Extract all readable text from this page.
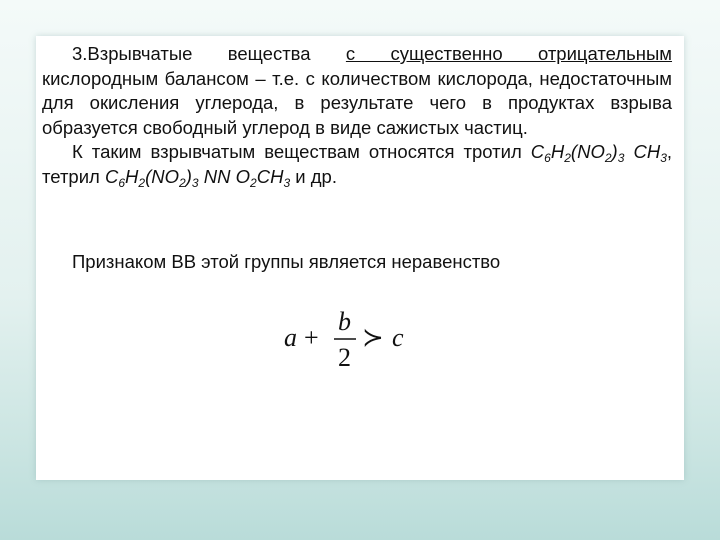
3.Взрывчатые вещества с существенно отрицательным кислородным балансом – т.е. с количеством кислорода, недостаточным для окисления углерода, в результате чего в продуктах взрыва образуется свободный углерод в виде сажистых частиц.

К таким взрывчатым веществам относятся тротил $C_6H_2(NO_2)_3$ $CH_3$, тетрил $C_6H_2(NO_2)_3$ NN $O_2CH_3$ и др.

Признаком ВВ этой группы является неравенство
a +
b
2
≻ c
